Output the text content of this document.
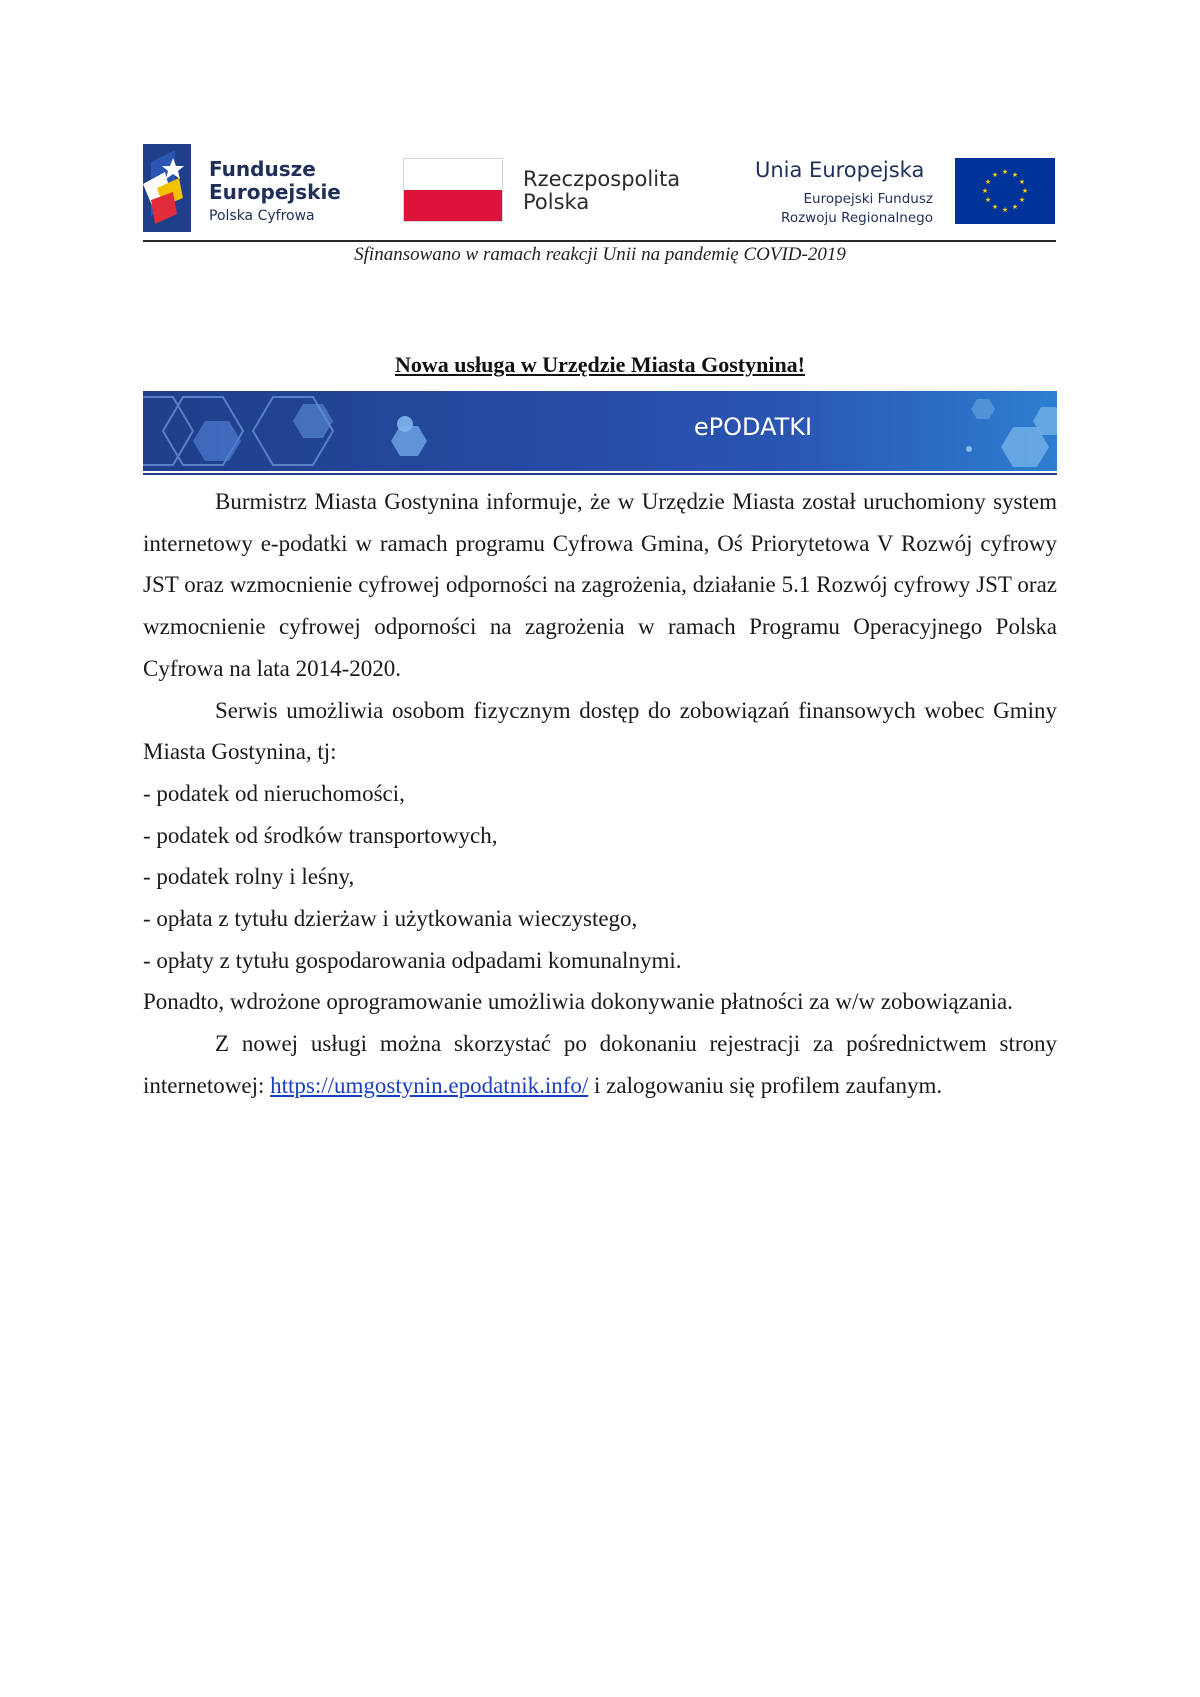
Fundusze
Europejskie
Polska Cyfrowa
Rzeczpospolita
Polska
Unia Europejska
Europejski Fundusz
Rozwoju Regionalnego
★ ★
★
★
★
★
★
★
★
★
★
★
Sfinansowano w ramach reakcji Unii na pandemię COVID-2019
Nowa usługa w Urzędzie Miasta Gostynina!
ePODATKI

Burmistrz Miasta Gostynina informuje, że w Urzędzie Miasta został uruchomiony system internetowy e-podatki w ramach programu Cyfrowa Gmina, Oś Priorytetowa V Rozwój cyfrowy JST oraz wzmocnienie cyfrowej odporności na zagrożenia, działanie 5.1 Rozwój cyfrowy JST oraz wzmocnienie cyfrowej odporności na zagrożenia w ramach Programu Operacyjnego Polska Cyfrowa na lata 2014-2020.

Serwis umożliwia osobom fizycznym dostęp do zobowiązań finansowych wobec Gminy Miasta Gostynina, tj:

- podatek od nieruchomości,
- podatek od środków transportowych,
- podatek rolny i leśny,
- opłata z tytułu dzierżaw i użytkowania wieczystego,
- opłaty z tytułu gospodarowania odpadami komunalnymi.

Ponadto, wdrożone oprogramowanie umożliwia dokonywanie płatności za w/w zobowiązania.

Z nowej usługi można skorzystać po dokonaniu rejestracji za pośrednictwem strony internetowej: https://umgostynin.epodatnik.info/ i zalogowaniu się profilem zaufanym.
